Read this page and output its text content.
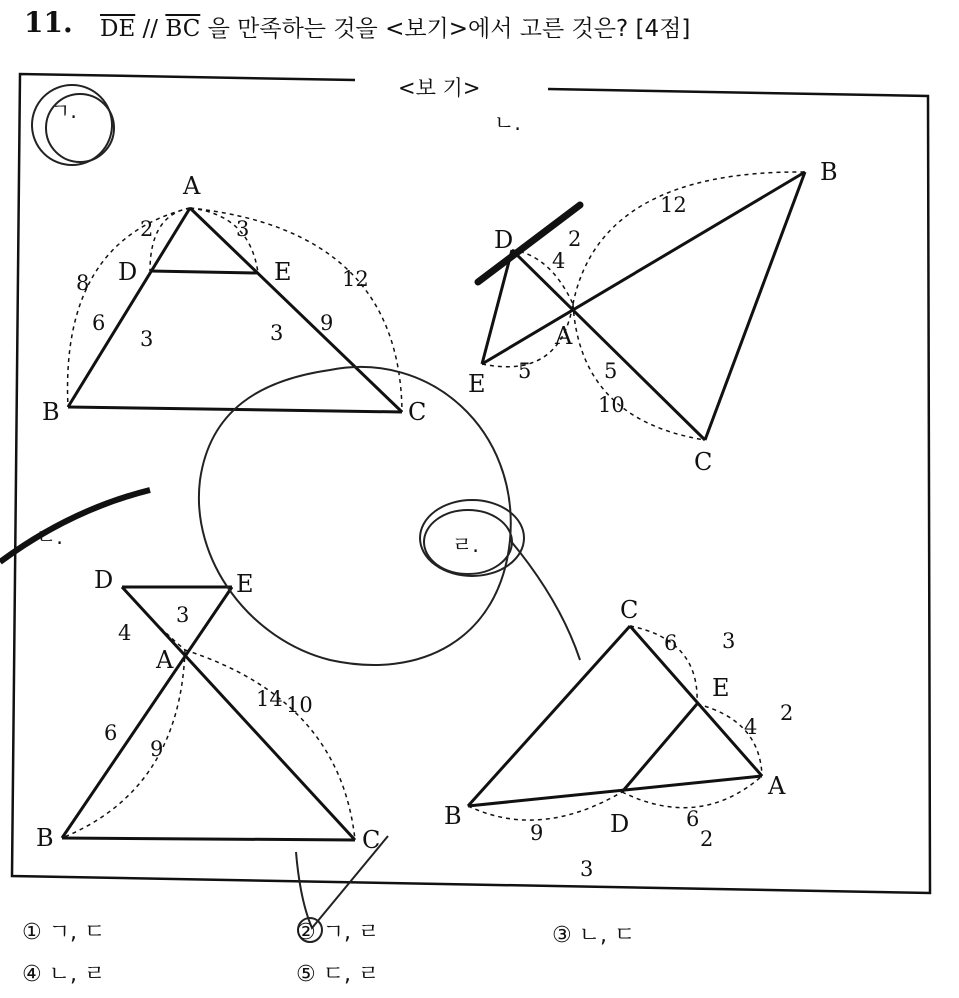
11. $\overline{DE} // \overline{BC}$ 을 만족하는 것을 <보기>에서 고른 것은? [4점]
ㄱ.
A
B	C
D	E
2	3
8	12
6
3	3 9
ㄴ.
D
A
E
B
C
4
12
5
10
2
5
ㄷ.
D	E
A
B	C
4
3
9
14
6
10
ㄹ.
C
E
A
B	D
6
4
9
6
3
2
2
3
<보 기>
① ㄱ, ㄷ	② ㄱ, ㄹ	③ ㄴ, ㄷ
④ ㄴ, ㄹ	⑤ ㄷ, ㄹ
